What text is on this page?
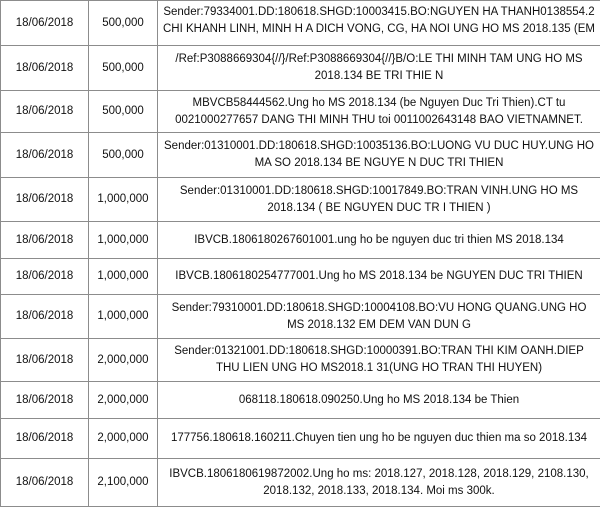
18/06/2018	500,000	Sender:79334001.DD:180618.SHGD:10003415.BO:NGUYEN HA THANH0138554.2 CHI KHANH LINH, MINH H A DICH VONG, CG, HA NOI UNG HO MS 2018.135 (EM

18/06/2018	500,000	/Ref:P3088669304{//}/Ref:P3088669304{//}B/O:LE THI MINH TAM UNG HO MS 2018.134 BE TRI THIE N
18/06/2018	500,000	MBVCB58444562.Ung ho MS 2018.134 (be Nguyen Duc Tri Thien).CT tu 0021000277657 DANG THI MINH THU toi 0011002643148 BAO VIETNAMNET.
18/06/2018	500,000	Sender:01310001.DD:180618.SHGD:10035136.BO:LUONG VU DUC HUY.UNG HO MA SO 2018.134 BE NGUYE N DUC TRI THIEN
18/06/2018	1,000,000	Sender:01310001.DD:180618.SHGD:10017849.BO:TRAN VINH.UNG HO MS 2018.134 ( BE NGUYEN DUC TR I THIEN )
18/06/2018	1,000,000	IBVCB.1806180267601001.ung ho be nguyen duc tri thien MS 2018.134
18/06/2018	1,000,000	IBVCB.1806180254777001.Ung ho MS 2018.134 be NGUYEN DUC TRI THIEN
18/06/2018	1,000,000	Sender:79310001.DD:180618.SHGD:10004108.BO:VU HONG QUANG.UNG HO MS 2018.132 EM DEM VAN DUN G
18/06/2018	2,000,000	Sender:01321001.DD:180618.SHGD:10000391.BO:TRAN THI KIM OANH.DIEP THU LIEN UNG HO MS2018.1 31(UNG HO TRAN THI HUYEN)
18/06/2018	2,000,000	068118.180618.090250.Ung ho MS 2018.134 be Thien
18/06/2018	2,000,000	177756.180618.160211.Chuyen tien ung ho be nguyen duc thien ma so 2018.134
18/06/2018	2,100,000	IBVCB.1806180619872002.Ung ho ms: 2018.127, 2018.128, 2018.129, 2108.130, 2018.132, 2018.133, 2018.134. Moi ms 300k.
